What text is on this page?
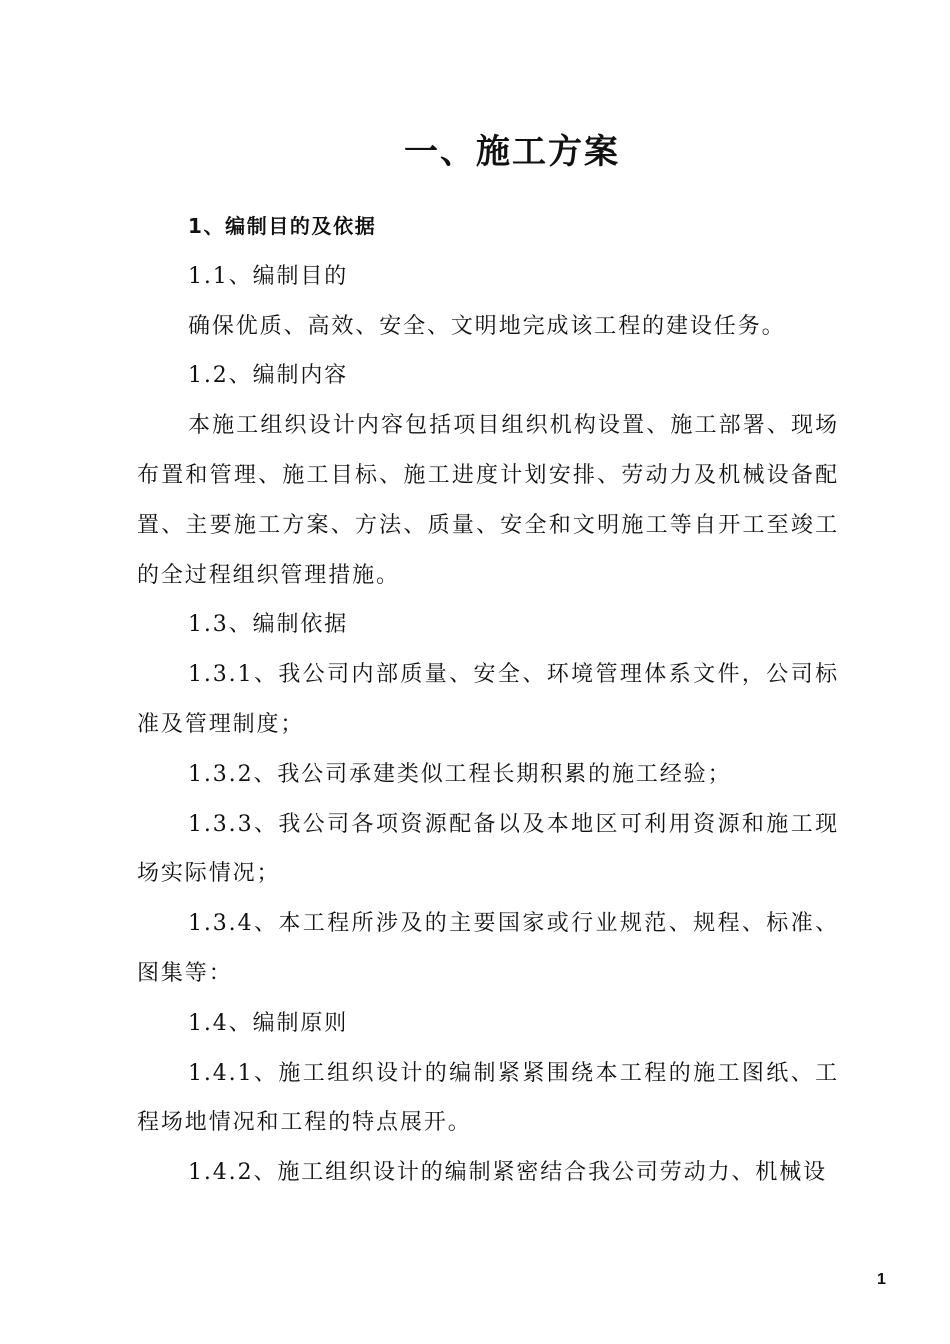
一、施工方案

1、编制目的及依据

1.1、编制目的

确保优质、高效、安全、文明地完成该工程的建设任务。

1.2、编制内容

本施工组织设计内容包括项目组织机构设置、施工部署、现场布置和管理、施工目标、施工进度计划安排、劳动力及机械设备配置、主要施工方案、方法、质量、安全和文明施工等自开工至竣工的全过程组织管理措施。

1.3、编制依据

1.3.1、我公司内部质量、安全、环境管理体系文件，公司标准及管理制度；

1.3.2、我公司承建类似工程长期积累的施工经验；

1.3.3、我公司各项资源配备以及本地区可利用资源和施工现场实际情况；

1.3.4、本工程所涉及的主要国家或行业规范、规程、标准、图集等：

1.4、编制原则

1.4.1、施工组织设计的编制紧紧围绕本工程的施工图纸、工程场地情况和工程的特点展开。

1.4.2、施工组织设计的编制紧密结合我公司劳动力、机械设

1
